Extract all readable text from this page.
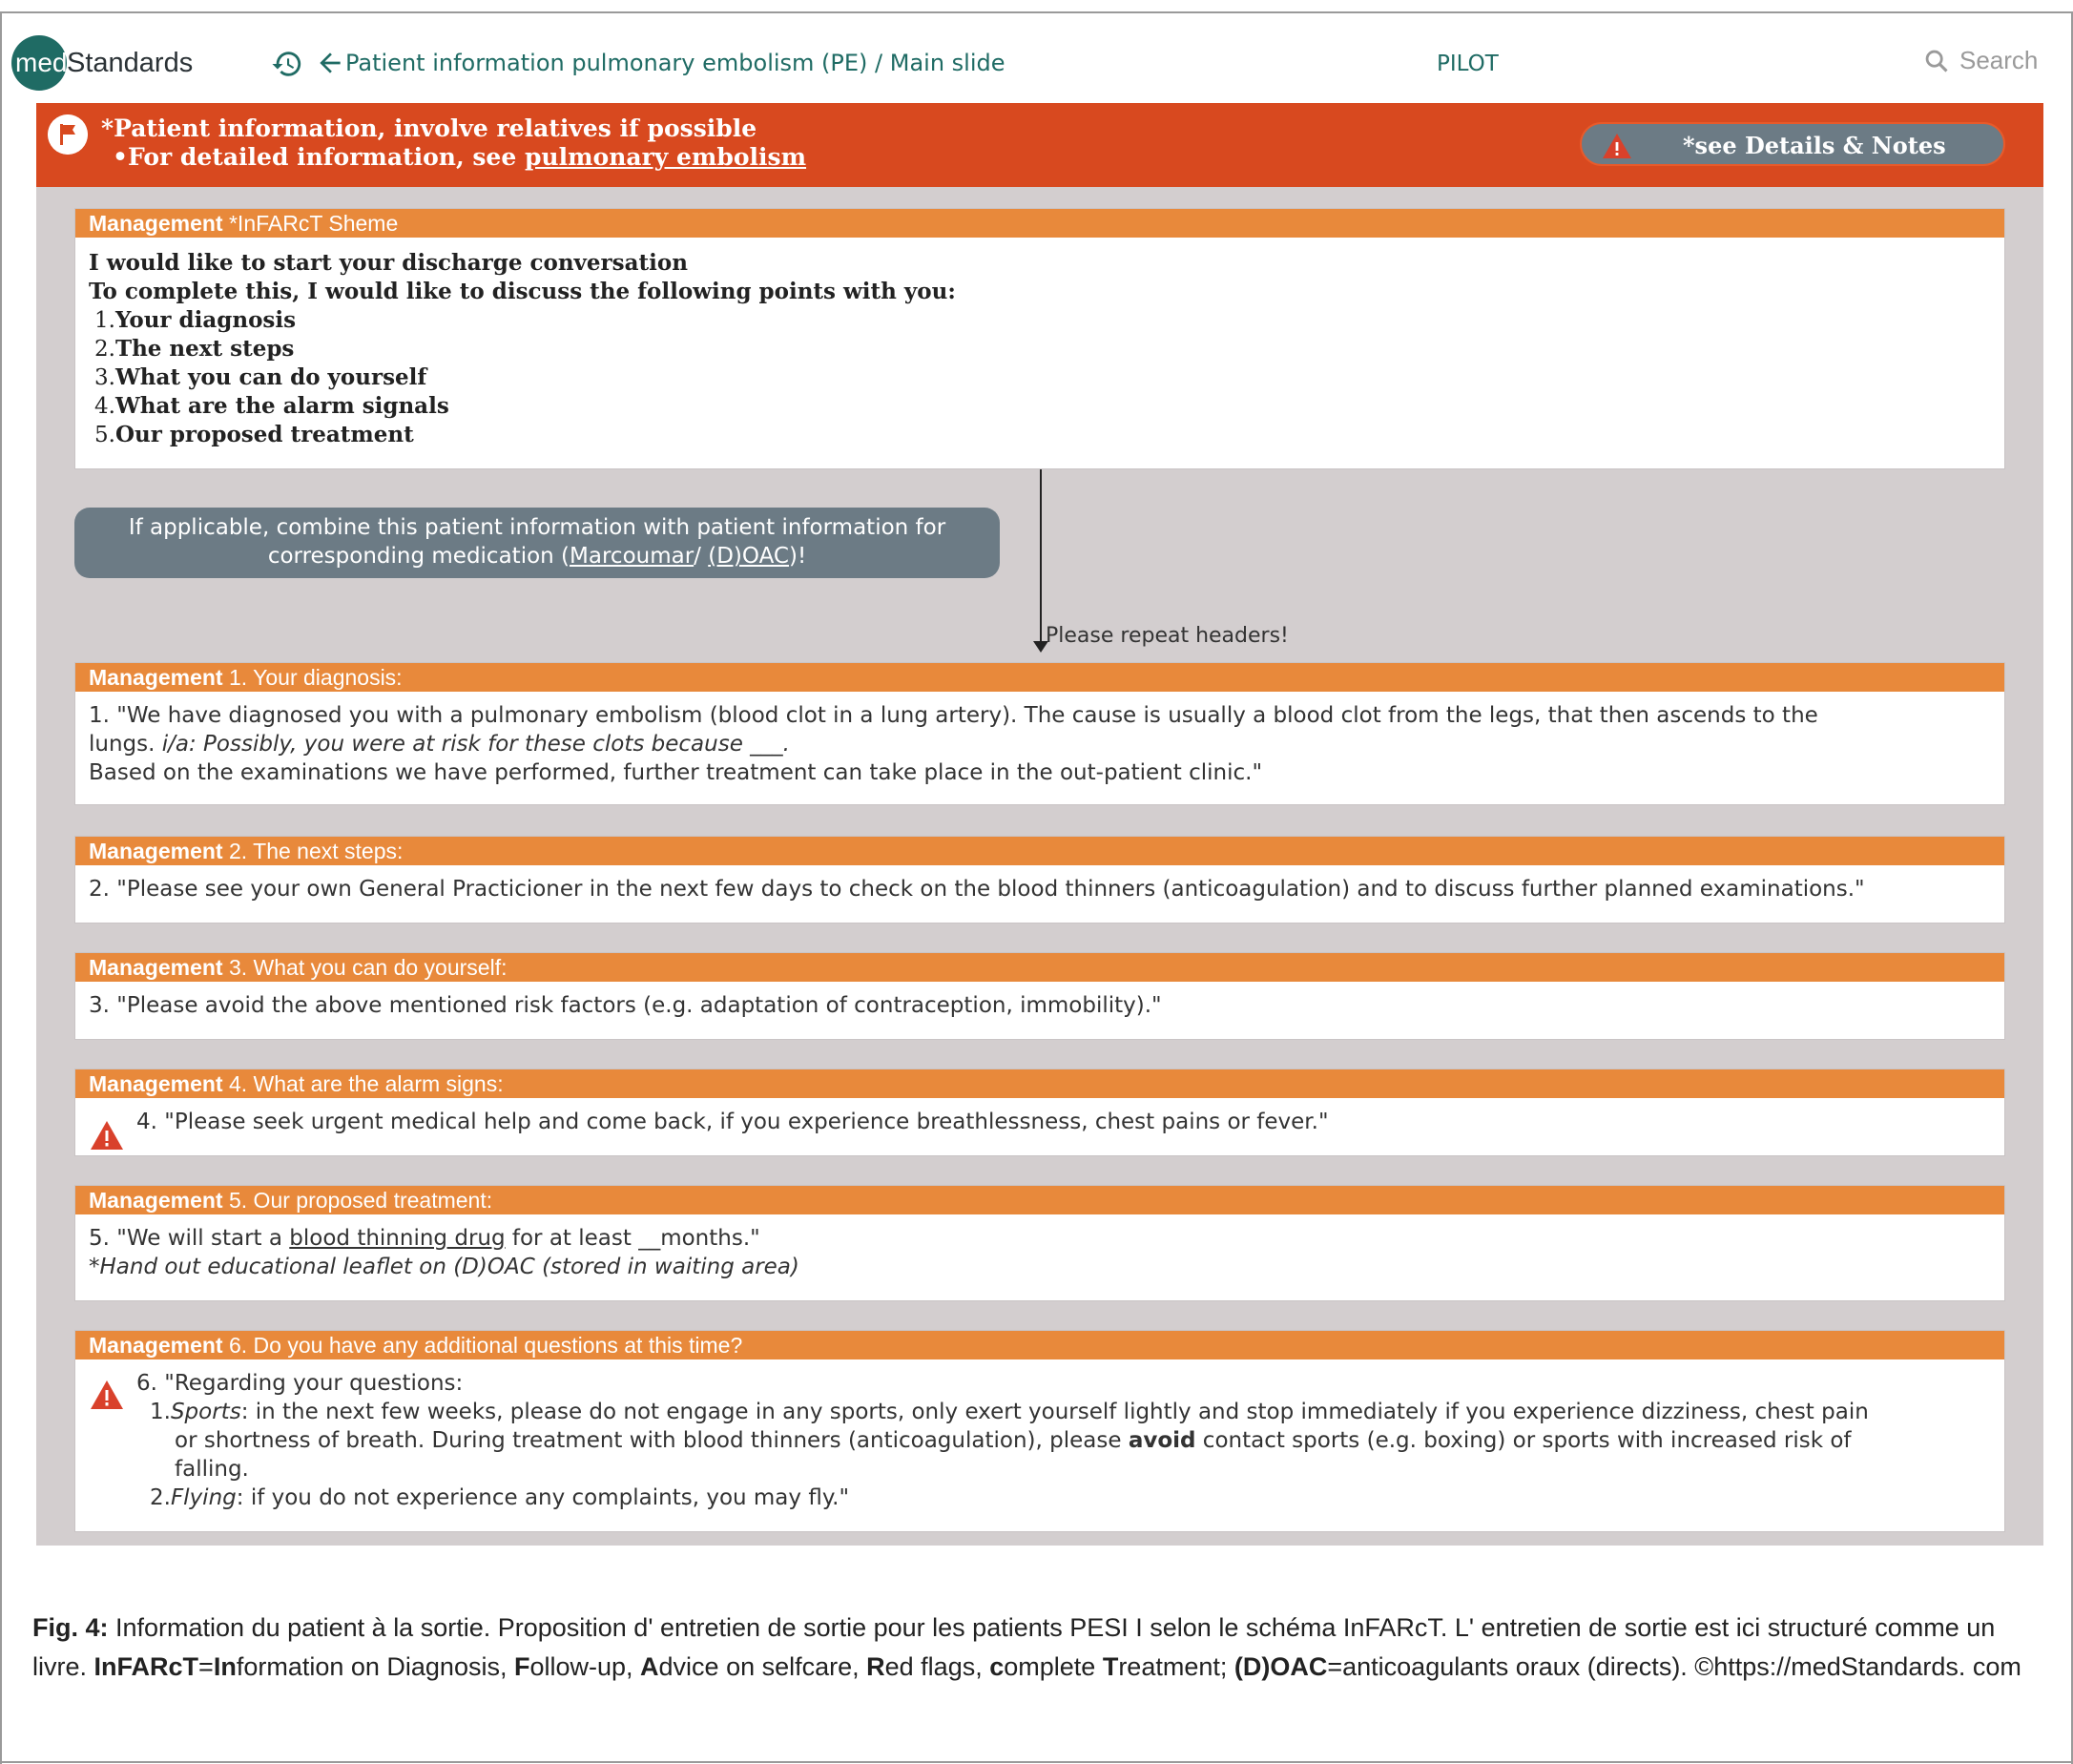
med Standards	Patient information pulmonary embolism (PE) / Main slide	PILOT	Search
*Patient information, involve relatives if possible
•For detailed information, see pulmonary embolism	*see Details & Notes
Management *InFARcT Sheme
I would like to start your discharge conversation
To complete this, I would like to discuss the following points with you:
1.Your diagnosis
2.The next steps
3.What you can do yourself
4.What are the alarm signals
5.Our proposed treatment
Please repeat headers!
If applicable, combine this patient information with patient information for
corresponding medication (Marcoumar/ (D)OAC)!
Management 1. Your diagnosis:
1. "We have diagnosed you with a pulmonary embolism (blood clot in a lung artery). The cause is usually a blood clot from the legs, that then ascends to the
lungs. i/a: Possibly, you were at risk for these clots because ___.
Based on the examinations we have performed, further treatment can take place in the out-patient clinic."
Management 2. The next steps:
2. "Please see your own General Practicioner in the next few days to check on the blood thinners (anticoagulation) and to discuss further planned examinations."
Management 3. What you can do yourself:
3. "Please avoid the above mentioned risk factors (e.g. adaptation of contraception, immobility)."
Management 4. What are the alarm signs:
4. "Please seek urgent medical help and come back, if you experience breathlessness, chest pains or fever."
Management 5. Our proposed treatment:
5. "We will start a blood thinning drug for at least __months."
*Hand out educational leaflet on (D)OAC (stored in waiting area)
Management 6. Do you have any additional questions at this time?
6. "Regarding your questions:
1.Sports: in the next few weeks, please do not engage in any sports, only exert yourself lightly and stop immediately if you experience dizziness, chest pain
or shortness of breath. During treatment with blood thinners (anticoagulation), please avoid contact sports (e.g. boxing) or sports with increased risk of
falling.
2.Flying: if you do not experience any complaints, you may fly."
Fig. 4: Information du patient à la sortie. Proposition d' entretien de sortie pour les patients PESI I selon le schéma InFARcT. L' entretien de sortie est ici structuré comme un livre. InFARcT=Information on Diagnosis, Follow-up, Advice on selfcare, Red flags, complete Treatment; (D)OAC=anticoagulants oraux (directs). ©https://medStandards. com
